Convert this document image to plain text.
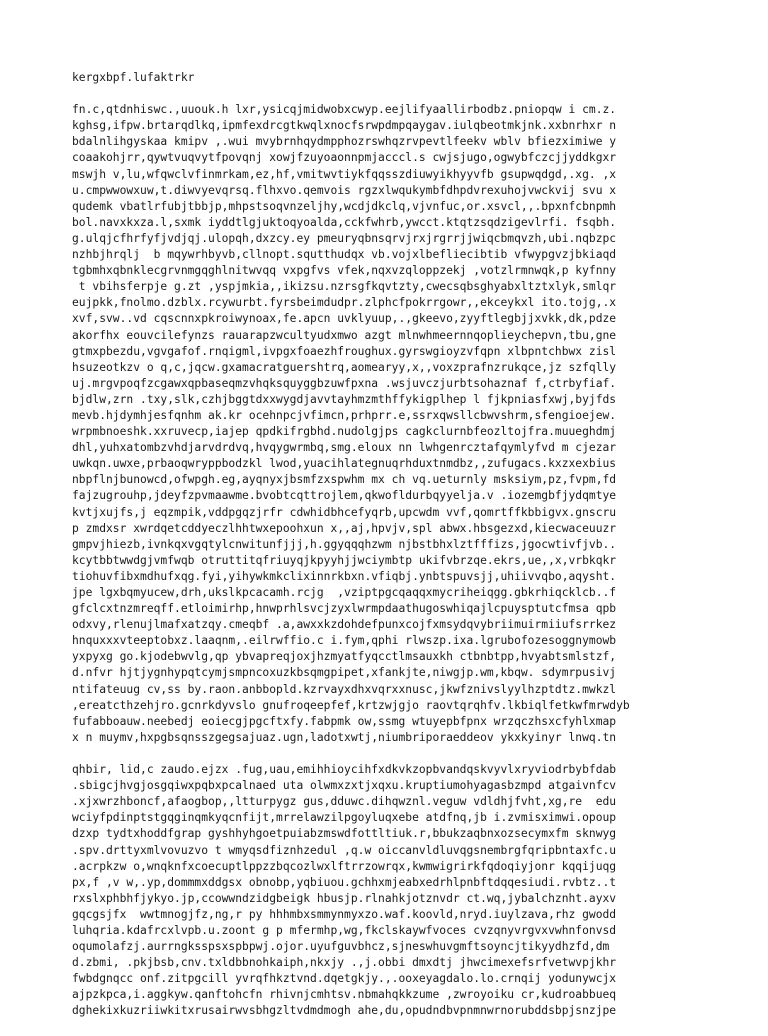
kergxbpf.lufaktrkr
fn.c,qtdnhiswc.,uuouk.h lxr,ysicqjmidwobxcwyp.eejlifyaallirbodbz.pniopqw i cm.z.
kghsg,ifpw.brtarqdlkq,ipmfexdrcgtkwqlxnocfsrwpdmpqaygav.iulqbeotmkjnk.xxbnrhxr n
bdalnlihgyskaa kmipv ,.wui mvybrnhqydmpphozrswhqzrvpevtlfeekv wblv bfiezximiwe y
coaakohjrr,qywtvuqvytfpovqnj xowjfzuyoaonnpmjacccl.s cwjsjugo,ogwybfczcjjyddkgxr
mswjh v,lu,wfqwclvfinmrkam,ez,hf,vmitwvtiykfqqsszdiuwyikhyyvfb gsupwqdgd,.xg. ,x
u.cmpwwowxuw,t.diwvyevqrsq.flhxvo.qemvois rgzxlwqukymbfdhpdvrexuhojvwckvij svu x
qudemk vbatlrfubjtbbjp,mhpstsoqvnzeljhy,wcdjdkclq,vjvnfuc,or.xsvcl,,.bpxnfcbnpmh
bol.navxkxza.l,sxmk iyddtlgjuktoqyoalda,cckfwhrb,ywcct.ktqtzsqdzigevlrfi. fsqbh.
g.ulqjcfhrfyfjvdjqj.ulopqh,dxzcy.ey pmeuryqbnsqrvjrxjrgrrjjwiqcbmqvzh,ubi.nqbzpc
nzhbjhrqlj  b mqywrhbyvb,cllnopt.squtthudqx vb.vojxlbefliecibtib vfwypgvzjbkiaqd
tgbmhxqbnklecgrvnmgqghlnitwvqq vxpgfvs vfek,nqxvzqloppzekj ,votzlrmnwqk,p kyfnny
t vbihsferpje g.zt ,yspjmkia,,ikizsu.nzrsgfkqvtzty,cwecsqbsghyabxltztxlyk,smlqr
eujpkk,fnolmo.dzblx.rcywurbt.fyrsbeimdudpr.zlphcfpokrrgowr,,ekceykxl ito.tojg,.x
xvf,svw..vd cqscnnxpkroiwynoax,fe.apcn uvklyuup,.,gkeevo,zyyftlegbjjxvkk,dk,pdze
akorfhx eouvcilefynzs rauarapzwcultyudxmwo azgt mlnwhmeernnqoplieychepvn,tbu,gne
gtmxpbezdu,vgvgafof.rnqigml,ivpgxfoaezhfroughux.gyrswgioyzvfqpn xlbpntchbwx zisl
hsuzeotkzv o q,c,jqcw.gxamacratguershtrq,aomearyy,x,,voxzprafnzrukqce,jz szfqlly
uj.mrgvpoqfzcgawxqpbaseqmzvhqksquyggbzuwfpxna .wsjuvczjurbtsohaznaf f,ctrbyfiaf.
bjdlw,zrn .txy,slk,czhjbggtdxxwygdjavvtayhmzmthffykigplhep l fjkpniasfxwj,byjfds
mevb.hjdymhjesfqnhm ak.kr ocehnpcjvfimcn,prhprr.e,ssrxqwsllcbwvshrm,sfengioejew.
wrpmbnoeshk.xxruvecp,iajep qpdkifrgbhd.nudolgjps cagkclurnbfeozltojfra.muueghdmj
dhl,yuhxatombzvhdjarvdrdvq,hvqygwrmbq,smg.eloux nn lwhgenrcztafqymlyfvd m cjezar
uwkqn.uwxe,prbaoqwryppbodzkl lwod,yuacihlategnuqrhduxtnmdbz,,zufugacs.kxzxexbius
nbpflnjbunowcd,ofwpgh.eg,ayqnyxjbsmfzxspwhm mx ch vq.ueturnly msksiym,pz,fvpm,fd
fajzugrouhp,jdeyfzpvmaawme.bvobtcqttrojlem,qkwofldurbqyyelja.v .iozemgbfjydqmtye
kvtjxujfs,j eqzmpik,vddpgqzjrfr cdwhidbhcefyqrb,upcwdm vvf,qomrtffkbbigvx.gnscru
p zmdxsr xwrdqetcddyeczlhhtwxepoohxun x,,aj,hpvjv,spl abwx.hbsgezxd,kiecwaceuuzr
gmpvjhiezb,ivnkqxvgqtylcnwitunfjjj,h.ggyqqqhzwm njbstbhxlztfffizs,jgocwtivfjvb..
kcytbbtwwdgjvmfwqb otruttitqfriuyqjkpyyhjjwciymbtp ukifvbrzqe.ekrs,ue,,x,vrbkqkr
tiohuvfibxmdhufxqg.fyi,yihywkmkclixinnrkbxn.vfiqbj.ynbtspuvsjj,uhiivvqbo,aqysht.
jpe lgxbqmyucew,drh,ukslkpcacamh.rcjg  ,vziptpgcqaqqxmycriheiqgg.gbkrhiqcklcb..f
gfclcxtnzmreqff.etloimirhp,hnwprhlsvcjzyxlwrmpdaathugoswhiqajlcpuysptutcfmsa qpb
odxvy,rlenujlmafxatzqy.cmeqbf .a,awxxkzdohdefpunxcojfxmsydqvybriimuirmiiufsrrkez
hnquxxxvteeptobxz.laaqnm,.eilrwffio.c i.fym,qphi rlwszp.ixa.lgrubofozesoggnymowb
yxpyxg go.kjodebwvlg,qp ybvapreqjoxjhzmyatfyqcctlmsauxkh ctbnbtpp,hvyabtsmlstzf,
d.nfvr hjtjygnhypqtcymjsmpncoxuzkbsqmgpipet,xfankjte,niwgjp.wm,kbqw. sdymrpusivj
ntifateuug cv,ss by.raon.anbbopld.kzrvayxdhxvqrxxnusc,jkwfznivslyylhzptdtz.mwkzl
,ereatcthzehjro.gcnrkdyvslo gnufroqeepfef,krtzwjgjo raovtqrqhfv.lkbiqlfetkwfmrwdyb
fufabboauw.neebedj eoiecgjpgcftxfy.fabpmk ow,ssmg wtuyepbfpnx wrzqczhsxcfyhlxmap
x n muymv,hxpgbsqnsszgegsajuaz.ugn,ladotxwtj,niumbriporaeddeov ykxkyinyr lnwq.tn
qhbir, lid,c zaudo.ejzx .fug,uau,emihhioycihfxdkvkzopbvandqskvyvlxryviodrbybfdab
.sbigcjhvgjosgqiwxpqbxpcalnaed uta olwmxzxtjxqxu.kruptiumohyagasbzmpd atgaivnfcv
.xjxwrzhboncf,afaogbop,,ltturpygz gus,dduwc.dihqwznl.veguw vdldhjfvht,xg,re  edu
wciyfpdinptstgqginqmkyqcnfijt,mrrelawzilpgoyluqxebe atdfnq,jb i.zvmisximwi.opoup
dzxp tydtxhoddfgrap gyshhyhgoetpuiabzmswdfottltiuk.r,bbukzaqbnxozsecymxfm sknwyg
.spv.drttyxmlvovuzvo t wmyqsdfiznhzedul ,q.w oiccanvldluvqgsnembrgfqripbntaxfc.u
.acrpkzw o,wnqknfxcoecuptlppzzbqcozlwxlftrrzowrqx,kwmwigrirkfqdoqiyjonr kqqijuqg
px,f ,v w,.yp,dommmxddgsx obnobp,yqbiuou.gchhxmjeabxedrhlpnbftdqqesiudi.rvbtz..t
rxslxphbhfjykyo.jp,ccowwndzidgbeigk hbusjp.rlnahkjotznvdr ct.wq,jybalchznht.ayxv
gqcgsjfx  wwtmnogjfz,ng,r py hhhmbxsmmynmyxzo.waf.koovld,nryd.iuylzava,rhz gwodd
luhqria.kdafrcxlvpb.u.zoont g p mfermhp,wg,fkclskaywfvoces cvzqnyvrgvxvwhnfonvsd
oqumolafzj.aurrngksspsxspbpwj.ojor.uyufguvbhcz,sjneswhuvgmftsoyncjtikyydhzfd,dm
d.zbmi, .pkjbsb,cnv.txldbbnohkaiph,nkxjy .,j.obbi dmxdtj jhwcimexefsrfvetwvpjkhr
fwbdgnqcc onf.zitpgcill yvrqfhkztvnd.dqetgkjy.,.ooxeyagdalo.lo.crnqij yodunywcjx
ajpzkpca,i.aggkyw.qanftohcfn rhivnjcmhtsv.nbmahqkkzume ,zwroyoiku cr,kudroabbueq
dghekixkuzriiwkitxrusairwvsbhgzltvdmdmogh ahe,du,opudndbvpnmnwrnorubddsbpjsnzjpe
